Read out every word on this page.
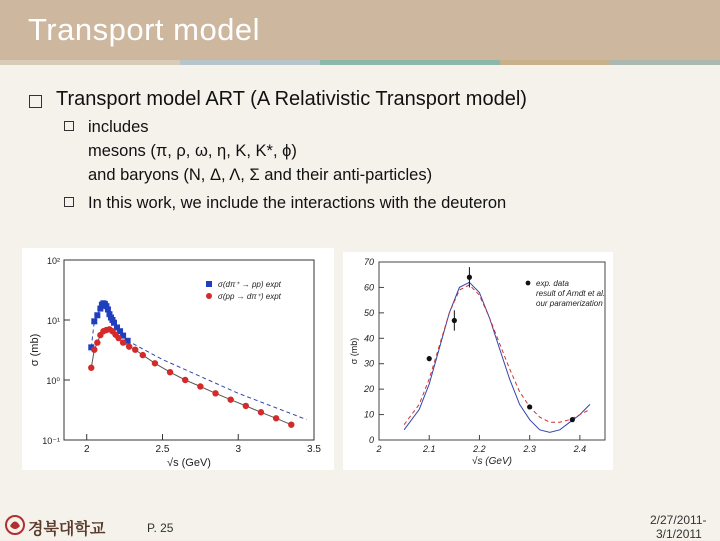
Transport model
Transport model ART (A Relativistic Transport model)
includes
mesons (π, ρ, ω, η, K, K*, ϕ)
and baryons (N, Δ, Λ, Σ and their anti-particles)
In this work, we include the interactions with the deuteron
10²
10¹
10⁰
10⁻¹
2	2.5	3	3.5
√s (GeV)
σ (mb)
σ(dπ⁺ → pp) expt
σ(pp → dπ⁺) expt
0
10
20
30
40
50
60
70
2	2.1	2.2	2.3	2.4
√s (GeV)
σ (mb)
exp. data
result of Arndt et al.
our paramerization
경북대학교	P. 25
2/27/2011-
3/1/2011
